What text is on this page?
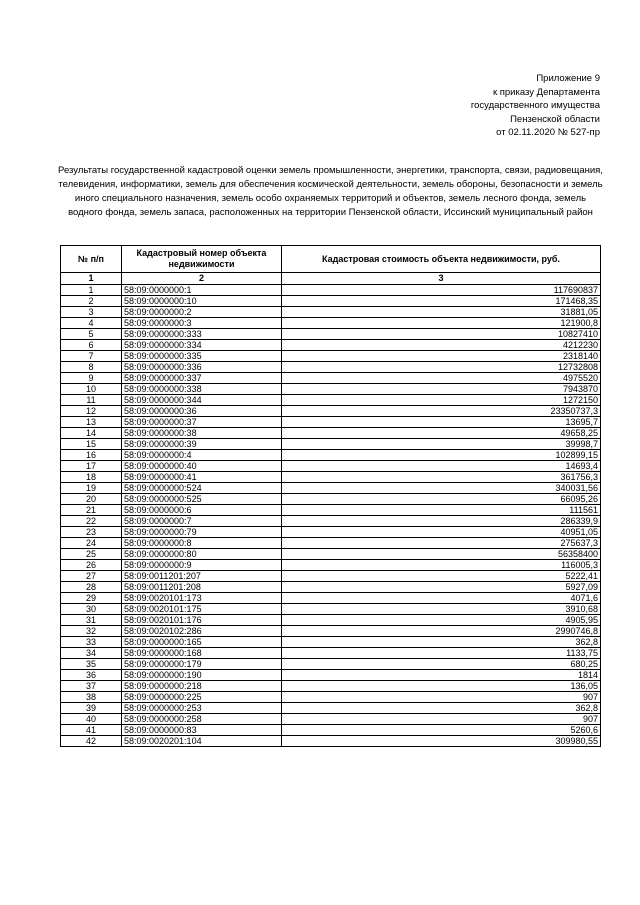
Приложение 9
к приказу Департамента
государственного имущества
Пензенской области
от 02.11.2020 № 527-пр
Результаты государственной кадастровой оценки земель промышленности, энергетики, транспорта, связи, радиовещания, телевидения, информатики, земель для обеспечения космической деятельности, земель обороны, безопасности и земель иного специального назначения, земель особо охраняемых территорий и объектов, земель лесного фонда, земель водного фонда, земель запаса, расположенных на территории Пензенской области, Иссинский муниципальный район
№ п/п	Кадастровый номер объекта недвижимости	Кадастровая стоимость объекта недвижимости, руб.
1	2	3
1	58:09:0000000:1	117690837
2	58:09:0000000:10	171468,35
3	58:09:0000000:2	31881,05
4	58:09:0000000:3	121900,8
5	58:09:0000000:333	10827410
6	58:09:0000000:334	4212230
7	58:09:0000000:335	2318140
8	58:09:0000000:336	12732808
9	58:09:0000000:337	4975520
10	58:09:0000000:338	7943870
11	58:09:0000000:344	1272150
12	58:09:0000000:36	23350737,3
13	58:09:0000000:37	13695,7
14	58:09:0000000:38	49658,25
15	58:09:0000000:39	39998,7
16	58:09:0000000:4	102899,15
17	58:09:0000000:40	14693,4
18	58:09:0000000:41	361756,3
19	58:09:0000000:524	340031,56
20	58:09:0000000:525	66095,26
21	58:09:0000000:6	111561
22	58:09:0000000:7	286339,9
23	58:09:0000000:79	40951,05
24	58:09:0000000:8	275637,3
25	58:09:0000000:80	56358400
26	58:09:0000000:9	116005,3
27	58:09:0011201:207	5222,41
28	58:09:0011201:208	5927,09
29	58:09:0020101:173	4071,6
30	58:09:0020101:175	3910,68
31	58:09:0020101:176	4905,95
32	58:09:0020102:286	2990746,8
33	58:09:0000000:165	362,8
34	58:09:0000000:168	1133,75
35	58:09:0000000:179	680,25
36	58:09:0000000:190	1814
37	58:09:0000000:218	136,05
38	58:09:0000000:225	907
39	58:09:0000000:253	362,8
40	58:09:0000000:258	907
41	58:09:0000000:83	5260,6
42	58:09:0020201:104	309980,55
